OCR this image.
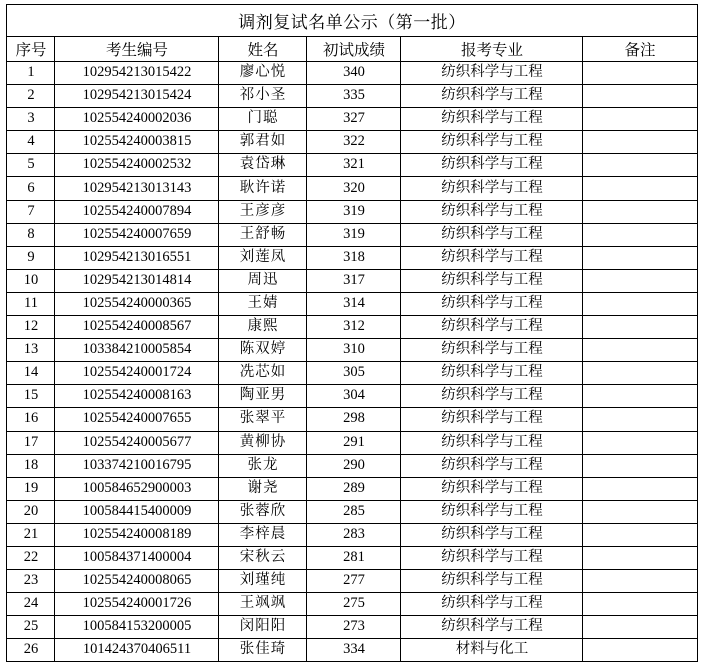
调剂复试名单公示（第一批）					
序号	考生编号	姓名	初试成绩	报考专业	备注
1	102954213015422	廖心悦	340	纺织科学与工程	
2	102954213015424	祁小圣	335	纺织科学与工程	
3	102554240002036	门聪	327	纺织科学与工程	
4	102554240003815	郭君如	322	纺织科学与工程	
5	102554240002532	袁岱琳	321	纺织科学与工程	
6	102954213013143	耿许诺	320	纺织科学与工程	
7	102554240007894	王彦彦	319	纺织科学与工程	
8	102554240007659	王舒畅	319	纺织科学与工程	
9	102954213016551	刘莲凤	318	纺织科学与工程	
10	102954213014814	周迅	317	纺织科学与工程	
11	102554240000365	王婧	314	纺织科学与工程	
12	102554240008567	康熙	312	纺织科学与工程	
13	103384210005854	陈双婷	310	纺织科学与工程	
14	102554240001724	冼芯如	305	纺织科学与工程	
15	102554240008163	陶亚男	304	纺织科学与工程	
16	102554240007655	张翠平	298	纺织科学与工程	
17	102554240005677	黄柳协	291	纺织科学与工程	
18	103374210016795	张龙	290	纺织科学与工程	
19	100584652900003	谢尧	289	纺织科学与工程	
20	100584415400009	张蓉欣	285	纺织科学与工程	
21	102554240008189	李梓晨	283	纺织科学与工程	
22	100584371400004	宋秋云	281	纺织科学与工程	
23	102554240008065	刘瑾纯	277	纺织科学与工程	
24	102554240001726	王飒飒	275	纺织科学与工程	
25	100584153200005	闵阳阳	273	纺织科学与工程	
26	101424370406511	张佳琦	334	材料与化工	
